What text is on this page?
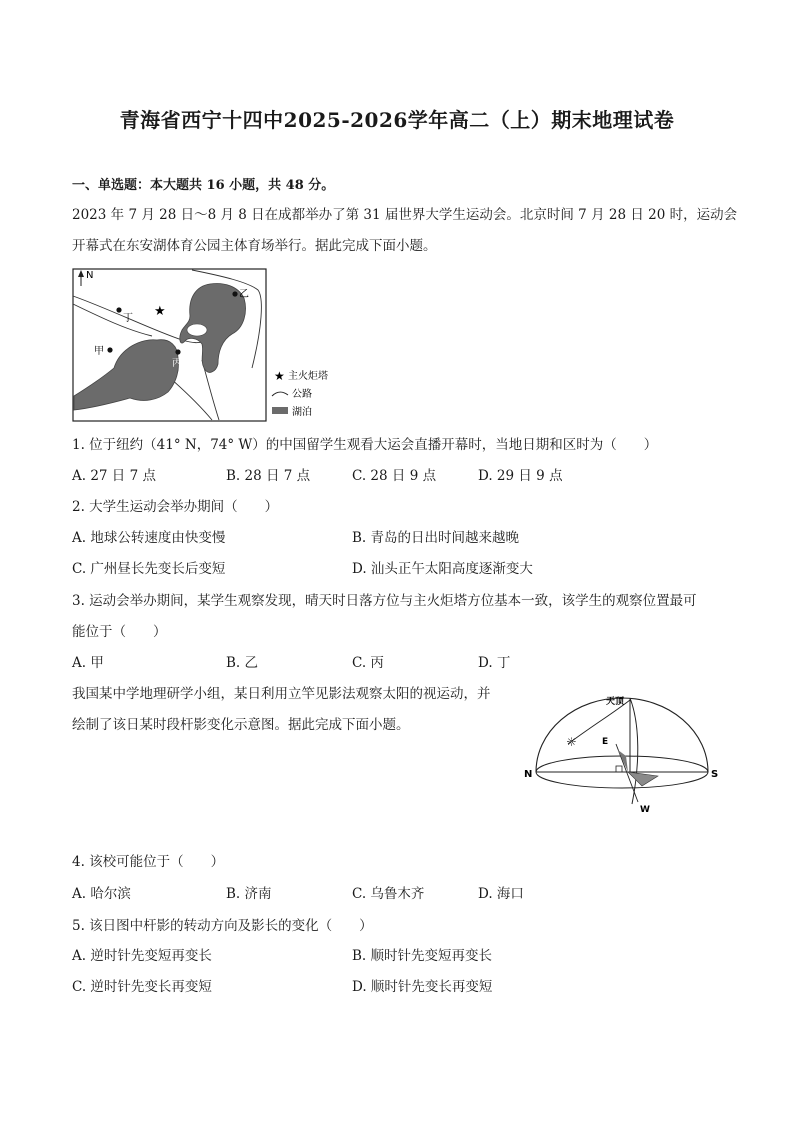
青海省西宁十四中2025-2026学年高二（上）期末地理试卷
一、单选题：本大题共 16 小题，共 48 分。
2023 年 7 月 28 日～8 月 8 日在成都举办了第 31 届世界大学生运动会。北京时间 7 月 28 日 20 时，运动会
开幕式在东安湖体育公园主体育场举行。据此完成下面小题。
N
丁 ★
乙
甲
丙
★ 主火炬塔
公路
湖泊
1. 位于纽约（41° N，74° W）的中国留学生观看大运会直播开幕时，当地日期和区时为（　　）
A. 27 日 7 点	B. 28 日 7 点	C. 28 日 9 点	D. 29 日 9 点
2. 大学生运动会举办期间（　　）
A. 地球公转速度由快变慢	B. 青岛的日出时间越来越晚
C. 广州昼长先变长后变短	D. 汕头正午太阳高度逐渐变大
3. 运动会举办期间，某学生观察发现，晴天时日落方位与主火炬塔方位基本一致，该学生的观察位置最可
能位于（　　）
A. 甲	B. 乙	C. 丙	D. 丁
我国某中学地理研学小组，某日利用立竿见影法观察太阳的视运动，并
绘制了该日某时段杆影变化示意图。据此完成下面小题。
☼
天顶
N	S
E
W
4. 该校可能位于（　　）
A. 哈尔滨	B. 济南	C. 乌鲁木齐	D. 海口
5. 该日图中杆影的转动方向及影长的变化（　　）
A. 逆时针先变短再变长	B. 顺时针先变短再变长
C. 逆时针先变长再变短	D. 顺时针先变长再变短
